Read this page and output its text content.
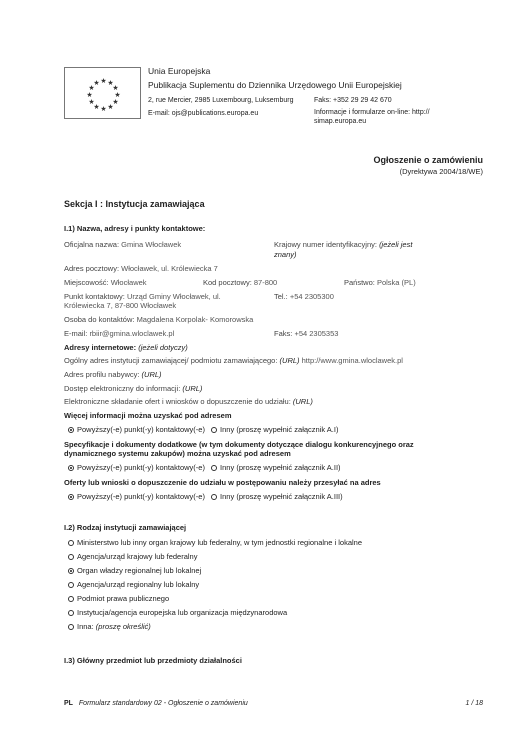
★ ★
★
★
★
★
★
★
★
★
★
★
Unia Europejska
Publikacja Suplementu do Dziennika Urzędowego Unii Europejskiej
2, rue Mercier, 2985 Luxembourg, Luksemburg	Faks: +352 29 29 42 670
E-mail: ojs@publications.europa.eu	Informacje i formularze on-line: http://
simap.europa.eu
Ogłoszenie o zamówieniu
(Dyrektywa 2004/18/WE)
Sekcja I : Instytucja zamawiająca
I.1) Nazwa, adresy i punkty kontaktowe:
Oficjalna nazwa: Gmina Włocławek	Krajowy numer identyfikacyjny: (jeżeli jest
znany)
Adres pocztowy: Włocławek, ul. Królewiecka 7
Miejscowość: Włocławek	Kod pocztowy: 87-800	Państwo: Polska (PL)
Punkt kontaktowy: Urząd Gminy Włocławek, ul.
Królewiecka 7, 87-800 Włocławek
Tel.: +54 2305300
Osoba do kontaktów: Magdalena Korpolak- Komorowska
E-mail: rbiir@gmina.wloclawek.pl	Faks: +54 2305353
Adresy internetowe: (jeżeli dotyczy)
Ogólny adres instytucji zamawiającej/ podmiotu zamawiającego: (URL) http://www.gmina.wloclawek.pl
Adres profilu nabywcy: (URL)
Dostęp elektroniczny do informacji: (URL)
Elektroniczne składanie ofert i wniosków o dopuszczenie do udziału: (URL)
Więcej informacji można uzyskać pod adresem
Powyższy(-e) punkt(-y) kontaktowy(-e) Inny (proszę wypełnić załącznik A.I)
Specyfikacje i dokumenty dodatkowe (w tym dokumenty dotyczące dialogu konkurencyjnego oraz
dynamicznego systemu zakupów) można uzyskać pod adresem
Powyższy(-e) punkt(-y) kontaktowy(-e) Inny (proszę wypełnić załącznik A.II)
Oferty lub wnioski o dopuszczenie do udziału w postępowaniu należy przesyłać na adres
Powyższy(-e) punkt(-y) kontaktowy(-e) Inny (proszę wypełnić załącznik A.III)
I.2) Rodzaj instytucji zamawiającej
Ministerstwo lub inny organ krajowy lub federalny, w tym jednostki regionalne i lokalne
Agencja/urząd krajowy lub federalny
Organ władzy regionalnej lub lokalnej
Agencja/urząd regionalny lub lokalny
Podmiot prawa publicznego
Instytucja/agencja europejska lub organizacja międzynarodowa
Inna: (proszę określić)
I.3) Główny przedmiot lub przedmioty działalności
PL Formularz standardowy 02 - Ogłoszenie o zamówieniu	1 / 18
